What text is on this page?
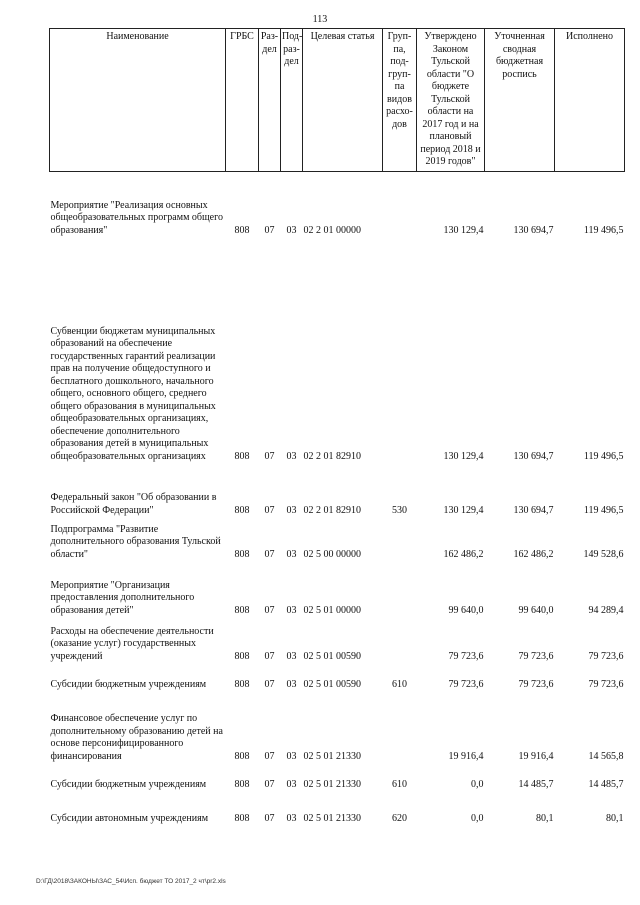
113
Наименование	ГРБС	Раз-дел	Под-раз-дел	Целевая статья	Груп-па, под-груп-па видов расхо-дов	Утверждено Законом Тульской области "О бюджете Тульской области на 2017 год и на плановый период 2018 и 2019 годов"	Уточненная сводная бюджетная роспись	Исполнено
Мероприятие "Реализация основных общеобразовательных программ общего образования"	808	07	03	02 2 01 00000		130 129,4	130 694,7	119 496,5
Субвенции бюджетам муниципальных образований на обеспечение государственных гарантий реализации прав на получение общедоступного и бесплатного дошкольного, начального общего, основного общего, среднего общего образования в муниципальных общеобразовательных организациях, обеспечение дополнительного образования детей в муниципальных общеобразовательных организациях	808	07	03	02 2 01 82910		130 129,4	130 694,7	119 496,5
Федеральный закон "Об образовании в Российской Федерации"	808	07	03	02 2 01 82910	530	130 129,4	130 694,7	119 496,5
Подпрограмма "Развитие дополнительного образования Тульской области"	808	07	03	02 5 00 00000		162 486,2	162 486,2	149 528,6
Мероприятие "Организация предоставления дополнительного образования детей"	808	07	03	02 5 01 00000		99 640,0	99 640,0	94 289,4
Расходы на обеспечение деятельности (оказание услуг) государственных учреждений	808	07	03	02 5 01 00590		79 723,6	79 723,6	79 723,6
Субсидии бюджетным учреждениям	808	07	03	02 5 01 00590	610	79 723,6	79 723,6	79 723,6
Финансовое обеспечение услуг по дополнительному образованию детей на основе персонифицированного финансирования	808	07	03	02 5 01 21330		19 916,4	19 916,4	14 565,8
Субсидии бюджетным учреждениям	808	07	03	02 5 01 21330	610	0,0	14 485,7	14 485,7
Субсидии автономным учреждениям	808	07	03	02 5 01 21330	620	0,0	80,1	80,1
D:\ГД\2018\ЗАКОНЫ\ЗАС_54\Исп. бюджет ТО 2017_2 чт\pr2.xls
